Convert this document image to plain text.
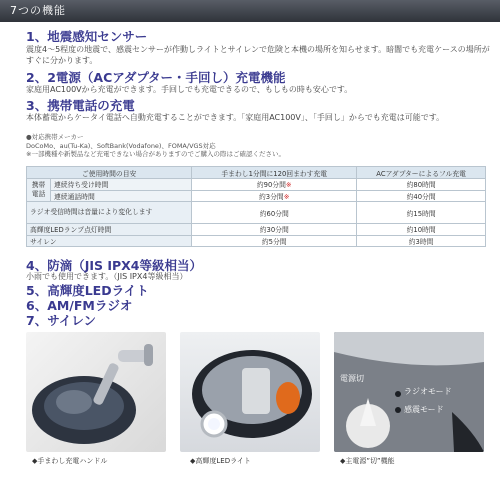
7つの機能
1、地震感知センサー
震度4～5程度の地震で、感震センサーが作動しライトとサイレンで危険と本機の場所を知らせます。暗闇でも充電ケースの場所がすぐに分かります。
2、2電源（ACアダプター・手回し）充電機能
家庭用AC100Vから充電ができます。手回しでも充電できるので、もしもの時も安心です。
3、携帯電話の充電
本体蓄電からケータイ電話へ自動充電することができます。「家庭用AC100V」、「手回し」からでも充電は可能です。
●対応携帯メーカー
DoCoMo、au(Tu-Ka)、SoftBank(Vodafone)、FOMA/VGS対応
※一部機種や新製品など充電できない場合がありますのでご購入の際はご確認ください。
ご使用時間の目安		手まわし1分間に120回まわす充電	ACアダプターによるフル充電
携帯電話	連続待ち受け時間	約90分間※	約80時間
	連続通話時間	約3分間※	約40分間
ラジオ受信時間は音量により変化します		約60分間	約15時間
高輝度LEDランプ点灯時間		約30分間	約10時間
サイレン		約5分間	約3時間
4、防滴（JIS IPX4等級相当）
小雨でも使用できます。（JIS IPX4等級相当）
5、高輝度LEDライト
6、AM/FMラジオ
7、サイレン
◆手まわし充電ハンドル	◆高輝度LEDライト
電源切
ラジオモード
感震モード
◆主電源”切”機能
